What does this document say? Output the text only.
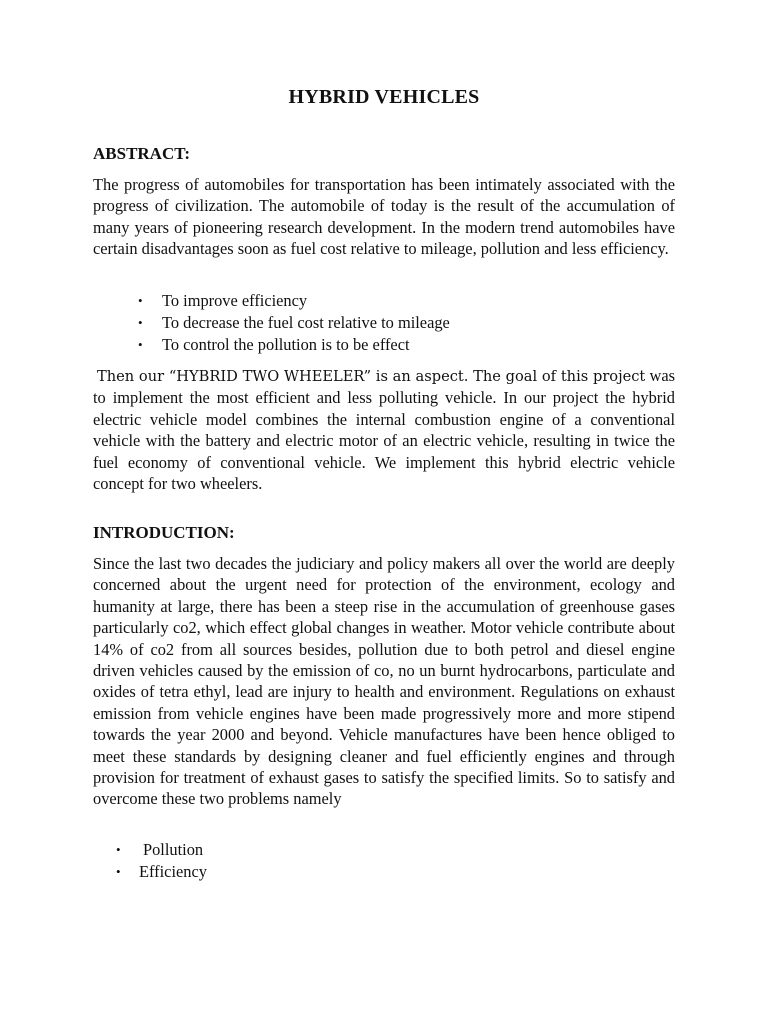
HYBRID VEHICLES
ABSTRACT:

The progress of automobiles for transportation has been intimately associated with the progress of civilization. The automobile of today is the result of the accumulation of many years of pioneering research development. In the modern trend automobiles have certain disadvantages soon as fuel cost relative to mileage, pollution and less efficiency.

• To improve efficiency
• To decrease the fuel cost relative to mileage
• To control the pollution is to be effect

Then our “HYBRID TWO WHEELER” is an aspect. The goal of this project was to implement the most efficient and less polluting vehicle. In our project the hybrid electric vehicle model combines the internal combustion engine of a conventional vehicle with the battery and electric motor of an electric vehicle, resulting in twice the fuel economy of conventional vehicle. We implement this hybrid electric vehicle concept for two wheelers.

INTRODUCTION:

Since the last two decades the judiciary and policy makers all over the world are deeply concerned about the urgent need for protection of the environment, ecology and humanity at large, there has been a steep rise in the accumulation of greenhouse gases particularly co2, which effect global changes in weather. Motor vehicle contribute about 14% of co2 from all sources besides, pollution due to both petrol and diesel engine driven vehicles caused by the emission of co, no un burnt hydrocarbons, particulate and oxides of tetra ethyl, lead are injury to health and environment. Regulations on exhaust emission from vehicle engines have been made progressively more and more stipend towards the year 2000 and beyond. Vehicle manufactures have been hence obliged to meet these standards by designing cleaner and fuel efficiently engines and through provision for treatment of exhaust gases to satisfy the specified limits. So to satisfy and overcome these two problems namely

• Pollution
• Efficiency
